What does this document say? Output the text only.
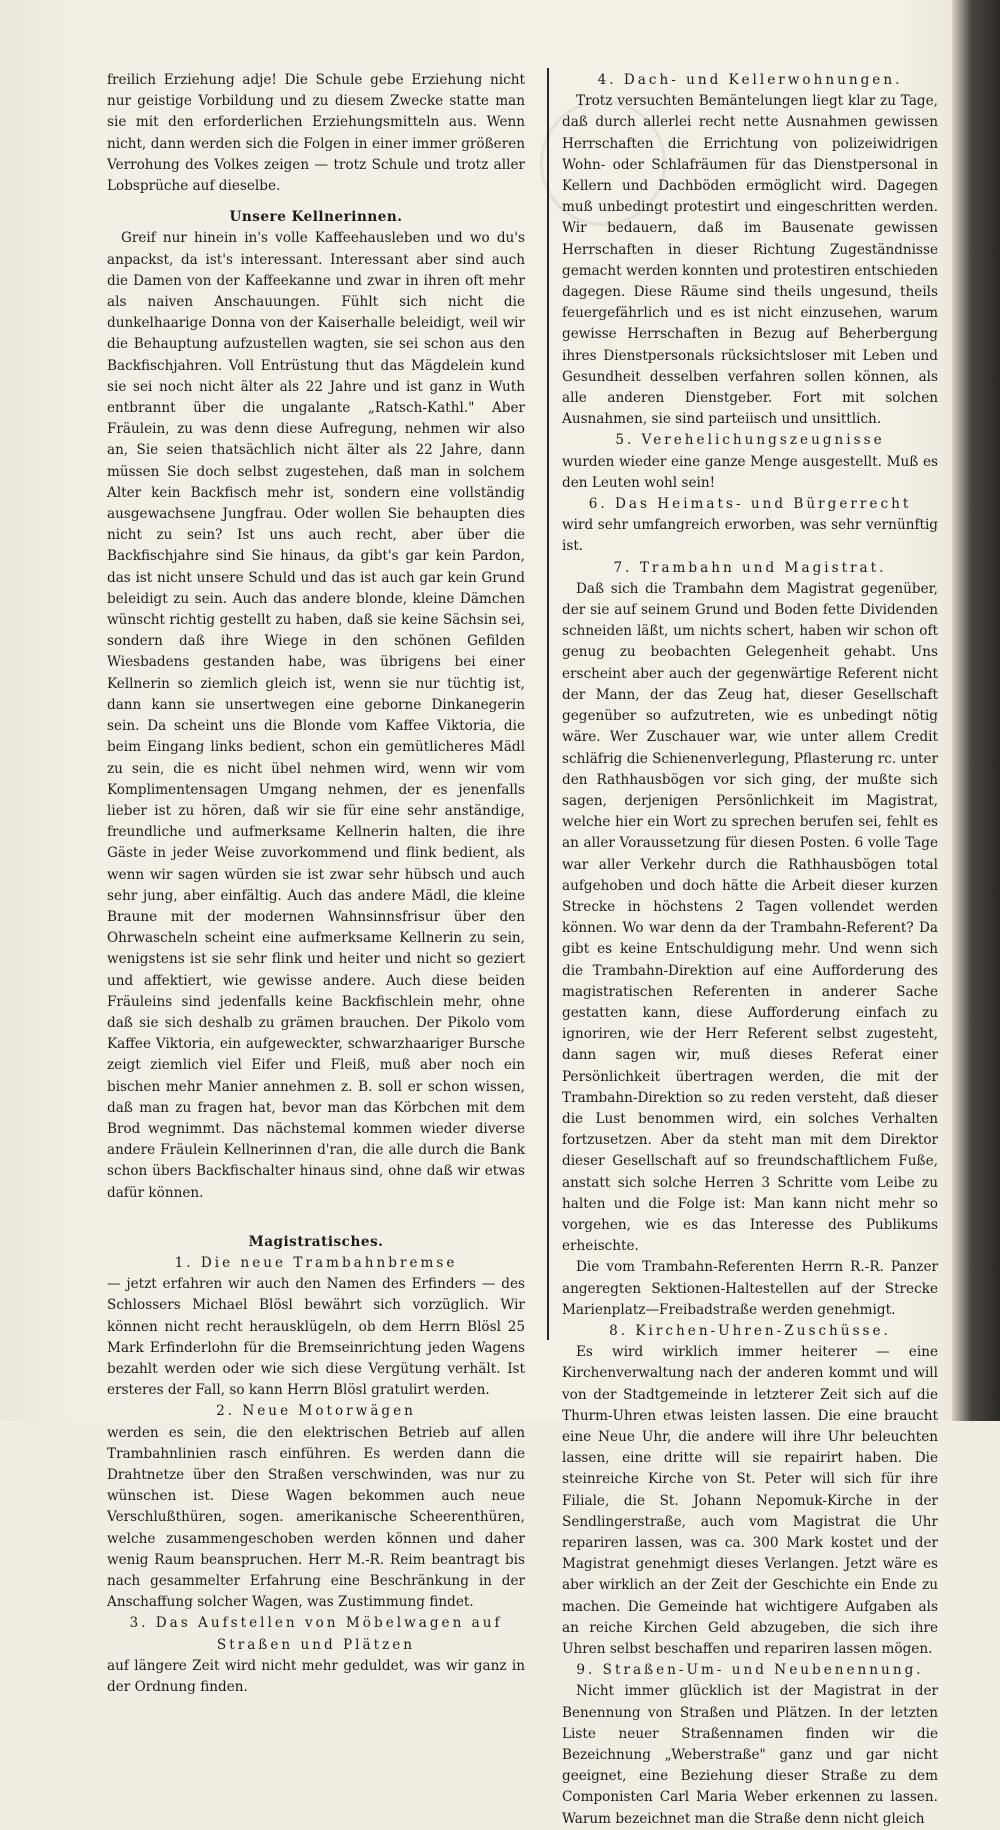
freilich Erziehung adje! Die Schule gebe Erziehung nicht nur geistige Vorbildung und zu diesem Zwecke statte man sie mit den erforderlichen Erziehungsmitteln aus. Wenn nicht, dann werden sich die Folgen in einer immer größeren Verrohung des Volkes zeigen — trotz Schule und trotz aller Lobsprüche auf dieselbe.

Unsere Kellnerinnen.

Greif nur hinein in's volle Kaffeehausleben und wo du's anpackst, da ist's interessant. Interessant aber sind auch die Damen von der Kaffeekanne und zwar in ihren oft mehr als naiven Anschauungen. Fühlt sich nicht die dunkelhaarige Donna von der Kaiserhalle beleidigt, weil wir die Behauptung aufzustellen wagten, sie sei schon aus den Backfischjahren. Voll Entrüstung thut das Mägdelein kund sie sei noch nicht älter als 22 Jahre und ist ganz in Wuth entbrannt über die ungalante „Ratsch-Kathl." Aber Fräulein, zu was denn diese Aufregung, nehmen wir also an, Sie seien thatsächlich nicht älter als 22 Jahre, dann müssen Sie doch selbst zugestehen, daß man in solchem Alter kein Backfisch mehr ist, sondern eine vollständig ausgewachsene Jungfrau. Oder wollen Sie behaupten dies nicht zu sein? Ist uns auch recht, aber über die Backfischjahre sind Sie hinaus, da gibt's gar kein Pardon, das ist nicht unsere Schuld und das ist auch gar kein Grund beleidigt zu sein. Auch das andere blonde, kleine Dämchen wünscht richtig gestellt zu haben, daß sie keine Sächsin sei, sondern daß ihre Wiege in den schönen Gefilden Wiesbadens gestanden habe, was übrigens bei einer Kellnerin so ziemlich gleich ist, wenn sie nur tüchtig ist, dann kann sie unsertwegen eine geborne Dinkanegerin sein. Da scheint uns die Blonde vom Kaffee Viktoria, die beim Eingang links bedient, schon ein gemütlicheres Mädl zu sein, die es nicht übel nehmen wird, wenn wir vom Komplimentensagen Umgang nehmen, der es jenenfalls lieber ist zu hören, daß wir sie für eine sehr anständige, freundliche und aufmerksame Kellnerin halten, die ihre Gäste in jeder Weise zuvorkommend und flink bedient, als wenn wir sagen würden sie ist zwar sehr hübsch und auch sehr jung, aber einfältig. Auch das andere Mädl, die kleine Braune mit der modernen Wahnsinnsfrisur über den Ohrwascheln scheint eine aufmerksame Kellnerin zu sein, wenigstens ist sie sehr flink und heiter und nicht so geziert und affektiert, wie gewisse andere. Auch diese beiden Fräuleins sind jedenfalls keine Backfischlein mehr, ohne daß sie sich deshalb zu grämen brauchen. Der Pikolo vom Kaffee Viktoria, ein aufgeweckter, schwarzhaariger Bursche zeigt ziemlich viel Eifer und Fleiß, muß aber noch ein bischen mehr Manier annehmen z. B. soll er schon wissen, daß man zu fragen hat, bevor man das Körbchen mit dem Brod wegnimmt. Das nächstemal kommen wieder diverse andere Fräulein Kellnerinnen d'ran, die alle durch die Bank schon übers Backfischalter hinaus sind, ohne daß wir etwas dafür können.

Magistratisches.

1. Die neue Trambahnbremse

— jetzt erfahren wir auch den Namen des Erfinders — des Schlossers Michael Blösl bewährt sich vorzüglich. Wir können nicht recht herausklügeln, ob dem Herrn Blösl 25 Mark Erfinderlohn für die Bremseinrichtung jeden Wagens bezahlt werden oder wie sich diese Vergütung verhält. Ist ersteres der Fall, so kann Herrn Blösl gratulirt werden.

2. Neue Motorwägen

werden es sein, die den elektrischen Betrieb auf allen Trambahnlinien rasch einführen. Es werden dann die Drahtnetze über den Straßen verschwinden, was nur zu wünschen ist. Diese Wagen bekommen auch neue Verschlußthüren, sogen. amerikanische Scheerenthüren, welche zusammengeschoben werden können und daher wenig Raum beanspruchen. Herr M.-R. Reim beantragt bis nach gesammelter Erfahrung eine Beschränkung in der Anschaffung solcher Wagen, was Zustimmung findet.

3. Das Aufstellen von Möbelwagen auf

Straßen und Plätzen

auf längere Zeit wird nicht mehr geduldet, was wir ganz in der Ordnung finden.

4. Dach- und Kellerwohnungen.

Trotz versuchten Bemäntelungen liegt klar zu Tage, daß durch allerlei recht nette Ausnahmen gewissen Herrschaften die Errichtung von polizeiwidrigen Wohn- oder Schlafräumen für das Dienstpersonal in Kellern und Dachböden ermöglicht wird. Dagegen muß unbedingt protestirt und eingeschritten werden. Wir bedauern, daß im Bausenate gewissen Herrschaften in dieser Richtung Zugeständnisse gemacht werden konnten und protestiren entschieden dagegen. Diese Räume sind theils ungesund, theils feuergefährlich und es ist nicht einzusehen, warum gewisse Herrschaften in Bezug auf Beherbergung ihres Dienstpersonals rücksichtsloser mit Leben und Gesundheit desselben verfahren sollen können, als alle anderen Dienstgeber. Fort mit solchen Ausnahmen, sie sind parteiisch und unsittlich.

5. Verehelichungszeugnisse

wurden wieder eine ganze Menge ausgestellt. Muß es den Leuten wohl sein!

6. Das Heimats- und Bürgerrecht

wird sehr umfangreich erworben, was sehr vernünftig ist.

7. Trambahn und Magistrat.

Daß sich die Trambahn dem Magistrat gegenüber, der sie auf seinem Grund und Boden fette Dividenden schneiden läßt, um nichts schert, haben wir schon oft genug zu beobachten Gelegenheit gehabt. Uns erscheint aber auch der gegenwärtige Referent nicht der Mann, der das Zeug hat, dieser Gesellschaft gegenüber so aufzutreten, wie es unbedingt nötig wäre. Wer Zuschauer war, wie unter allem Credit schläfrig die Schienenverlegung, Pflasterung rc. unter den Rathhausbögen vor sich ging, der mußte sich sagen, derjenigen Persönlichkeit im Magistrat, welche hier ein Wort zu sprechen berufen sei, fehlt es an aller Voraussetzung für diesen Posten. 6 volle Tage war aller Verkehr durch die Rathhausbögen total aufgehoben und doch hätte die Arbeit dieser kurzen Strecke in höchstens 2 Tagen vollendet werden können. Wo war denn da der Trambahn-Referent? Da gibt es keine Entschuldigung mehr. Und wenn sich die Trambahn-Direktion auf eine Aufforderung des magistratischen Referenten in anderer Sache gestatten kann, diese Aufforderung einfach zu ignoriren, wie der Herr Referent selbst zugesteht, dann sagen wir, muß dieses Referat einer Persönlichkeit übertragen werden, die mit der Trambahn-Direktion so zu reden versteht, daß dieser die Lust benommen wird, ein solches Verhalten fortzusetzen. Aber da steht man mit dem Direktor dieser Gesellschaft auf so freundschaftlichem Fuße, anstatt sich solche Herren 3 Schritte vom Leibe zu halten und die Folge ist: Man kann nicht mehr so vorgehen, wie es das Interesse des Publikums erheischte.

Die vom Trambahn-Referenten Herrn R.-R. Panzer angeregten Sektionen-Haltestellen auf der Strecke Marienplatz—Freibadstraße werden genehmigt.

8. Kirchen-Uhren-Zuschüsse.

Es wird wirklich immer heiterer — eine Kirchenverwaltung nach der anderen kommt und will von der Stadtgemeinde in letzterer Zeit sich auf die Thurm-Uhren etwas leisten lassen. Die eine braucht eine Neue Uhr, die andere will ihre Uhr beleuchten lassen, eine dritte will sie repairirt haben. Die steinreiche Kirche von St. Peter will sich für ihre Filiale, die St. Johann Nepomuk-Kirche in der Sendlingerstraße, auch vom Magistrat die Uhr repariren lassen, was ca. 300 Mark kostet und der Magistrat genehmigt dieses Verlangen. Jetzt wäre es aber wirklich an der Zeit der Geschichte ein Ende zu machen. Die Gemeinde hat wichtigere Aufgaben als an reiche Kirchen Geld abzugeben, die sich ihre Uhren selbst beschaffen und repariren lassen mögen.

9. Straßen-Um- und Neubenennung.

Nicht immer glücklich ist der Magistrat in der Benennung von Straßen und Plätzen. In der letzten Liste neuer Straßennamen finden wir die Bezeichnung „Weberstraße" ganz und gar nicht geeignet, eine Beziehung dieser Straße zu dem Componisten Carl Maria Weber erkennen zu lassen. Warum bezeichnet man die Straße denn nicht gleich
